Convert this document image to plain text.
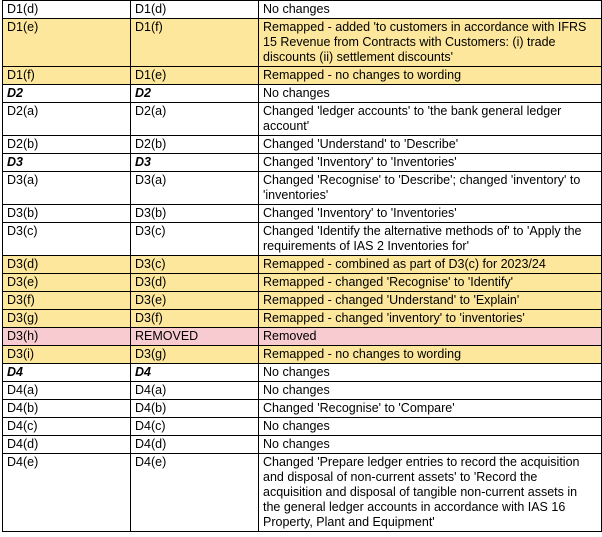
D1(d)	D1(d)	No changes
D1(e)	D1(f)	Remapped - added 'to customers in accordance with IFRS 15 Revenue from Contracts with Customers: (i) trade discounts (ii) settlement discounts'
D1(f)	D1(e)	Remapped - no changes to wording
D2	D2	No changes
D2(a)	D2(a)	Changed 'ledger accounts' to 'the bank general ledger account'
D2(b)	D2(b)	Changed 'Understand' to 'Describe'
D3	D3	Changed 'Inventory' to 'Inventories'
D3(a)	D3(a)	Changed 'Recognise' to 'Describe'; changed 'inventory' to 'inventories'
D3(b)	D3(b)	Changed 'Inventory' to 'Inventories'
D3(c)	D3(c)	Changed 'Identify the alternative methods of' to 'Apply the requirements of IAS 2 Inventories for'
D3(d)	D3(c)	Remapped - combined as part of D3(c) for 2023/24
D3(e)	D3(d)	Remapped - changed 'Recognise' to 'Identify'
D3(f)	D3(e)	Remapped - changed 'Understand' to 'Explain'
D3(g)	D3(f)	Remapped - changed 'inventory' to 'inventories'
D3(h)	REMOVED	Removed
D3(i)	D3(g)	Remapped - no changes to wording
D4	D4	No changes
D4(a)	D4(a)	No changes
D4(b)	D4(b)	Changed 'Recognise' to 'Compare'
D4(c)	D4(c)	No changes
D4(d)	D4(d)	No changes
D4(e)	D4(e)	Changed 'Prepare ledger entries to record the acquisition and disposal of non-current assets' to 'Record the acquisition and disposal of tangible non-current assets in the general ledger accounts in accordance with IAS 16 Property, Plant and Equipment'
